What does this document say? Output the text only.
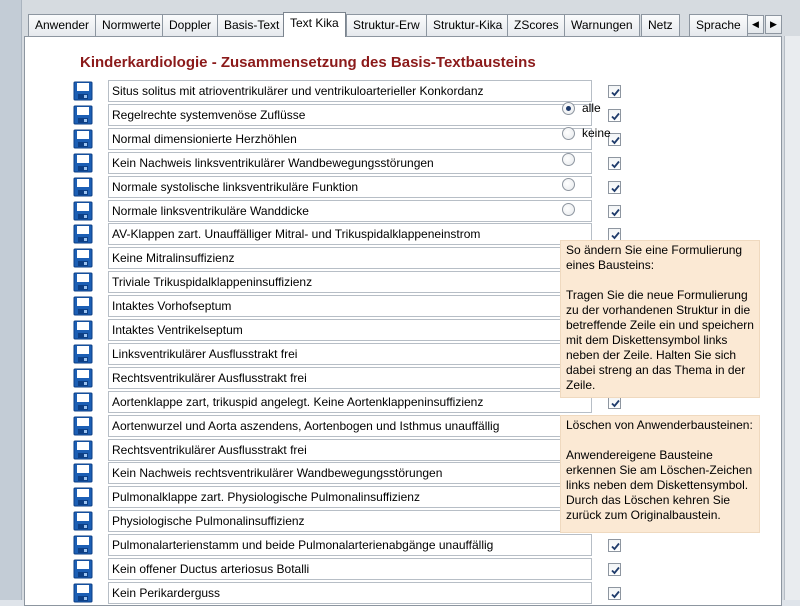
Anwender	Normwerte Doppler	Basis-Text Text Kika	Struktur-Erw	Struktur-Kika ZScores	Warnungen	Netz	Sprache	◀	▶
Kinderkardiologie - Zusammensetzung des Basis-Textbausteins
Situs solitus mit atrioventrikulärer und ventrikuloarterieller Konkordanz
Regelrechte systemvenöse Zuflüsse
Normal dimensionierte Herzhöhlen
Kein Nachweis linksventrikulärer Wandbewegungsstörungen
Normale systolische linksventrikuläre Funktion
Normale linksventrikuläre Wanddicke
AV-Klappen zart. Unauffälliger Mitral- und Trikuspidalklappeneinstrom
Keine Mitralinsuffizienz
Triviale Trikuspidalklappeninsuffizienz
Intaktes Vorhofseptum
Intaktes Ventrikelseptum
Linksventrikulärer Ausflusstrakt frei
Rechtsventrikulärer Ausflusstrakt frei
Aortenklappe zart, trikuspid angelegt. Keine Aortenklappeninsuffizienz
Aortenwurzel und Aorta aszendens, Aortenbogen und Isthmus unauffällig
Rechtsventrikulärer Ausflusstrakt frei
Kein Nachweis rechtsventrikulärer Wandbewegungsstörungen
Pulmonalklappe zart. Physiologische Pulmonalinsuffizienz
Physiologische Pulmonalinsuffizienz
Pulmonalarterienstamm und beide Pulmonalarterienabgänge unauffällig
Kein offener Ductus arteriosus Botalli
Kein Perikarderguss
alle
keine
So ändern Sie eine Formulierung
eines Bausteins:

Tragen Sie die neue Formulierung zu der vorhandenen Struktur in die betreffende Zeile ein und speichern mit dem Diskettensymbol links neben der Zeile. Halten Sie sich dabei streng an das Thema in der Zeile.
Löschen von Anwenderbausteinen:

Anwendereigene Bausteine erkennen Sie am Löschen-Zeichen links neben dem Diskettensymbol. Durch das Löschen kehren Sie zurück zum Originalbaustein.
